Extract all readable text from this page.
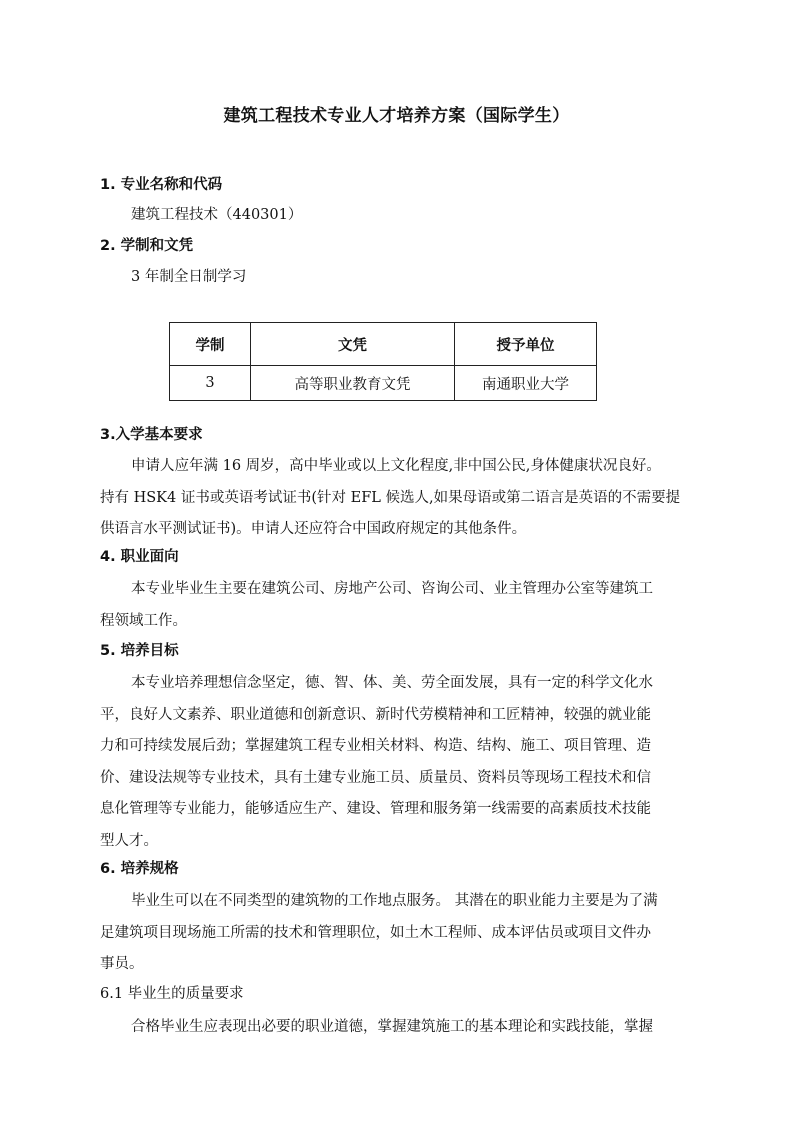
建筑工程技术专业人才培养方案（国际学生）
1. 专业名称和代码
建筑工程技术（440301）
2. 学制和文凭
3 年制全日制学习
学制	文凭	授予单位
3	高等职业教育文凭	南通职业大学
3.入学基本要求
申请人应年满 16 周岁，高中毕业或以上文化程度,非中国公民,身体健康状况良好。
持有 HSK4 证书或英语考试证书(针对 EFL 候选人,如果母语或第二语言是英语的不需要提
供语言水平测试证书)。申请人还应符合中国政府规定的其他条件。
4. 职业面向
本专业毕业生主要在建筑公司、房地产公司、咨询公司、业主管理办公室等建筑工
程领域工作。
5. 培养目标
本专业培养理想信念坚定，德、智、体、美、劳全面发展，具有一定的科学文化水
平，良好人文素养、职业道德和创新意识、新时代劳模精神和工匠精神，较强的就业能
力和可持续发展后劲；掌握建筑工程专业相关材料、构造、结构、施工、项目管理、造
价、建设法规等专业技术，具有土建专业施工员、质量员、资料员等现场工程技术和信
息化管理等专业能力，能够适应生产、建设、管理和服务第一线需要的高素质技术技能
型人才。
6. 培养规格
毕业生可以在不同类型的建筑物的工作地点服务。 其潜在的职业能力主要是为了满
足建筑项目现场施工所需的技术和管理职位，如土木工程师、成本评估员或项目文件办
事员。
6.1 毕业生的质量要求
合格毕业生应表现出必要的职业道德，掌握建筑施工的基本理论和实践技能，掌握
